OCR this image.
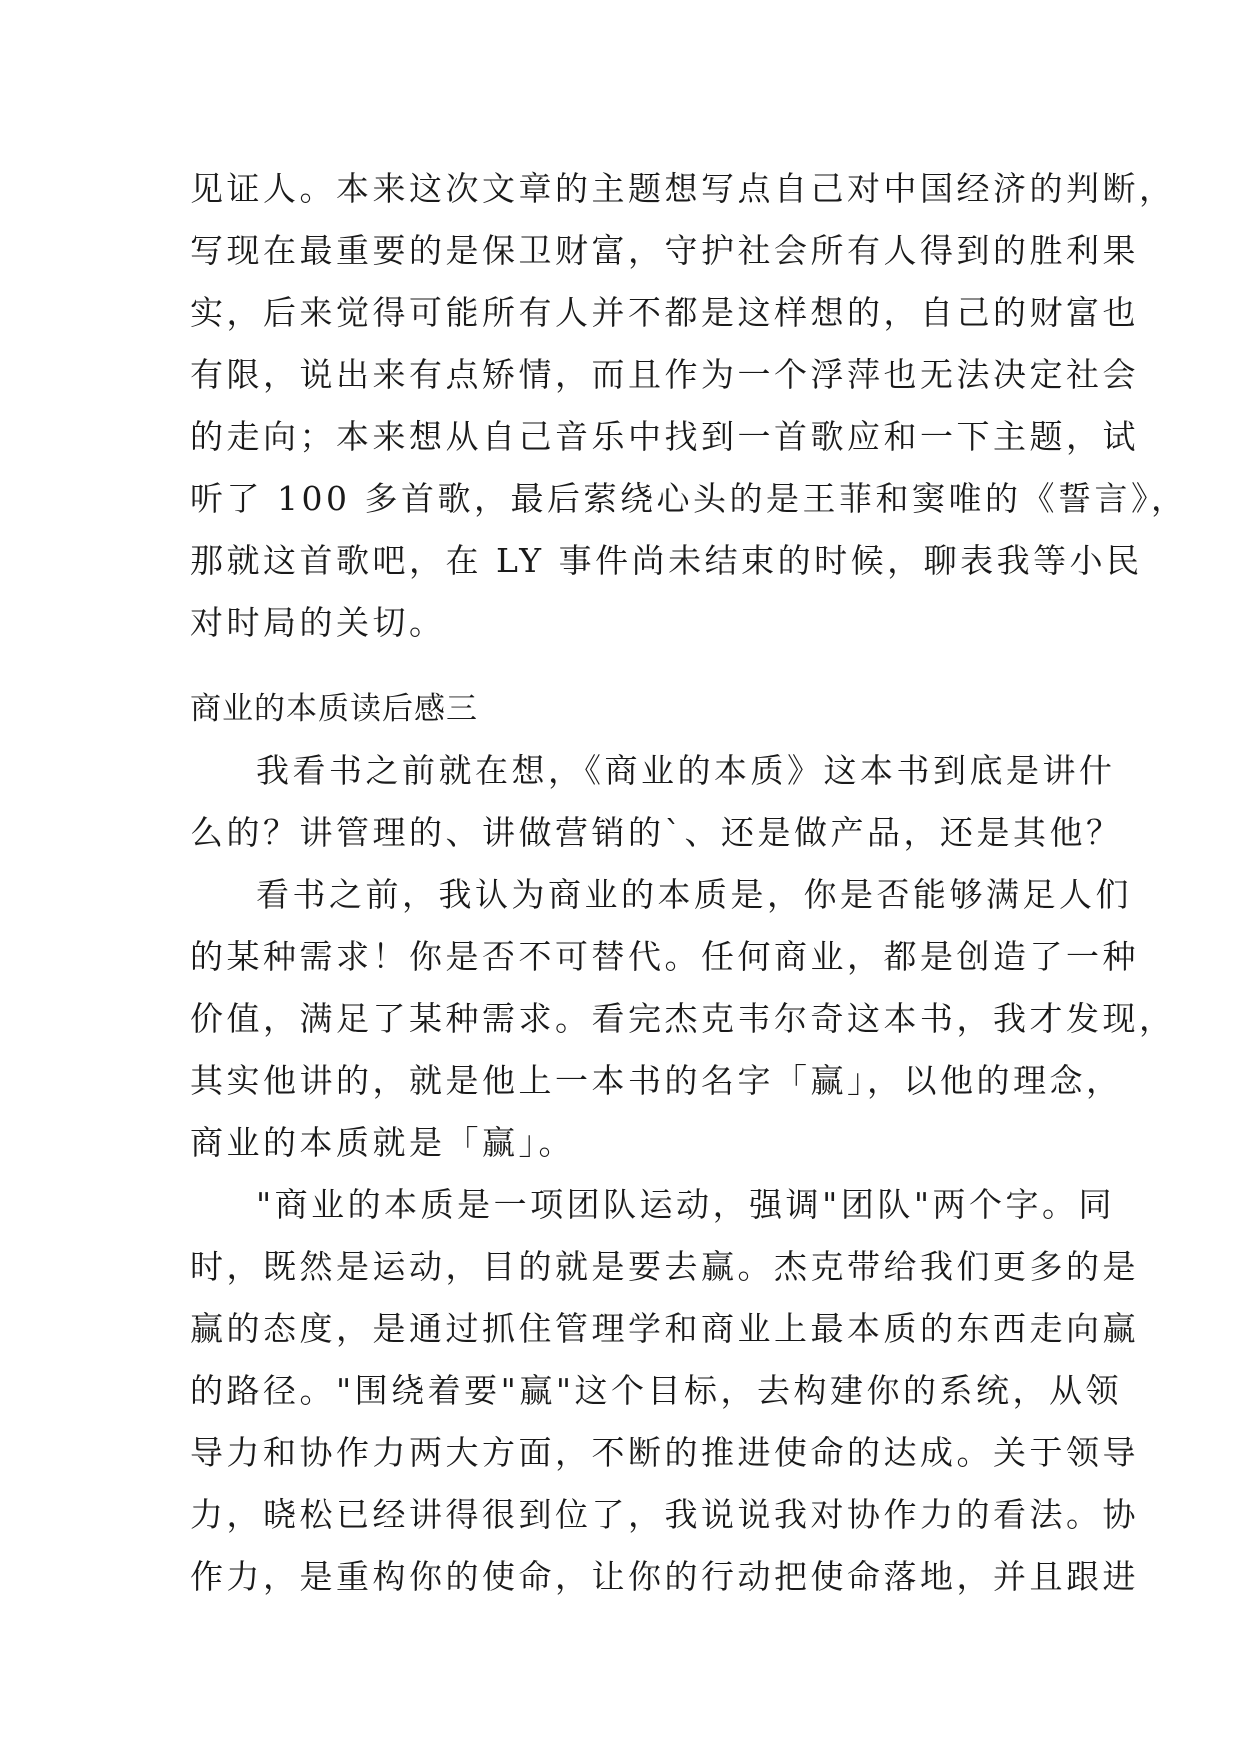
见证人。本来这次文章的主题想写点自己对中国经济的判断，
写现在最重要的是保卫财富，守护社会所有人得到的胜利果
实，后来觉得可能所有人并不都是这样想的，自己的财富也
有限，说出来有点矫情，而且作为一个浮萍也无法决定社会
的走向；本来想从自己音乐中找到一首歌应和一下主题，试
听了 100 多首歌，最后萦绕心头的是王菲和窦唯的《誓言》，
那就这首歌吧，在 LY 事件尚未结束的时候，聊表我等小民
对时局的关切。
商业的本质读后感三
我看书之前就在想，《商业的本质》这本书到底是讲什
么的？讲管理的、讲做营销的`、还是做产品，还是其他？
看书之前，我认为商业的本质是，你是否能够满足人们
的某种需求！你是否不可替代。任何商业，都是创造了一种
价值，满足了某种需求。看完杰克韦尔奇这本书，我才发现，
其实他讲的，就是他上一本书的名字「赢」，以他的理念，
商业的本质就是「赢」。
"商业的本质是一项团队运动，强调"团队"两个字。同
时，既然是运动，目的就是要去赢。杰克带给我们更多的是
赢的态度，是通过抓住管理学和商业上最本质的东西走向赢
的路径。"围绕着要"赢"这个目标，去构建你的系统，从领
导力和协作力两大方面，不断的推进使命的达成。关于领导
力，晓松已经讲得很到位了，我说说我对协作力的看法。协
作力，是重构你的使命，让你的行动把使命落地，并且跟进
